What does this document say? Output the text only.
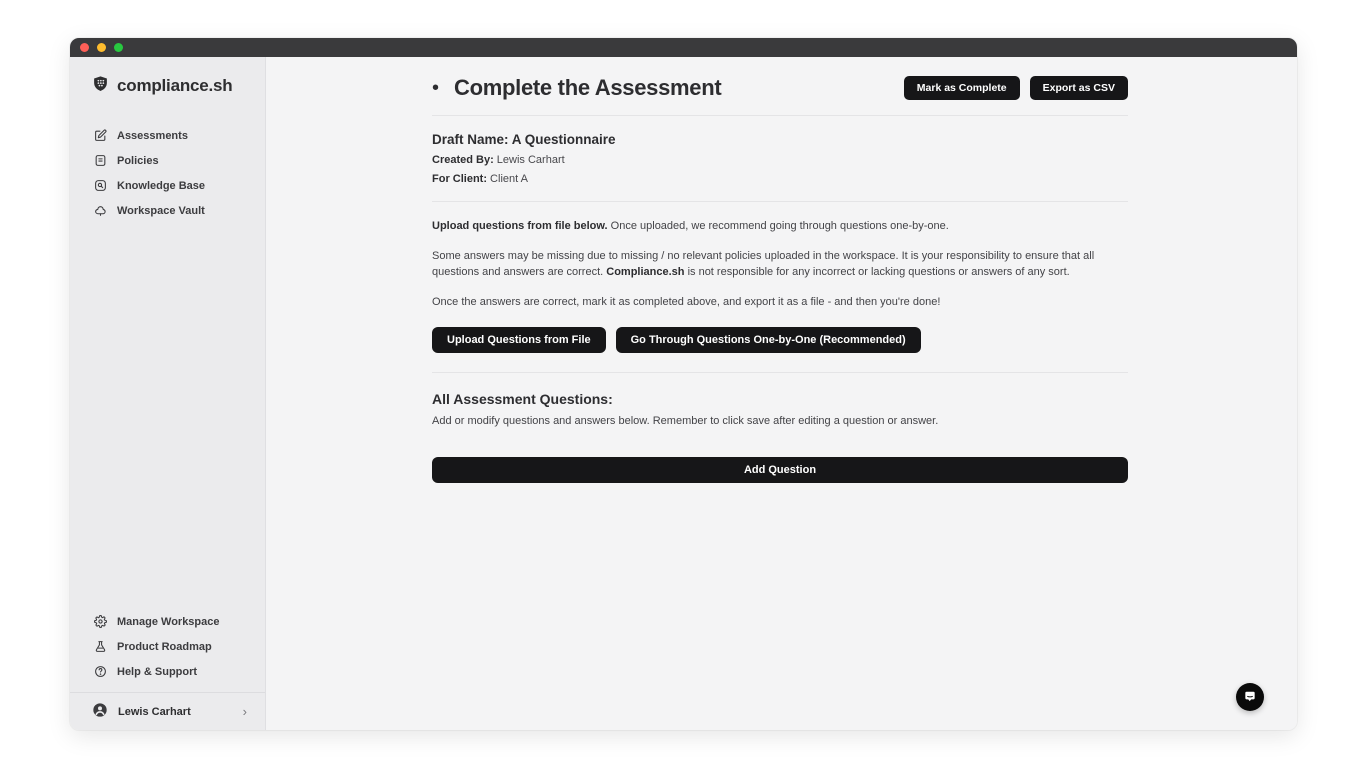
compliance.sh
Assessments
Policies
Knowledge Base
Workspace Vault
Manage Workspace
Product Roadmap
Help & Support
Lewis Carhart	›
• Complete the Assessment	Mark as Complete	Export as CSV
Draft Name: A Questionnaire
Created By: Lewis Carhart
For Client: Client A

Upload questions from file below. Once uploaded, we recommend going through questions one-by-one.

Some answers may be missing due to missing / no relevant policies uploaded in the workspace. It is your responsibility to ensure that all questions and answers are correct. Compliance.sh is not responsible for any incorrect or lacking questions or answers of any sort.

Once the answers are correct, mark it as completed above, and export it as a file - and then you're done!

Upload Questions from File	Go Through Questions One-by-One (Recommended)
All Assessment Questions:
Add or modify questions and answers below. Remember to click save after editing a question or answer.
Add Question
